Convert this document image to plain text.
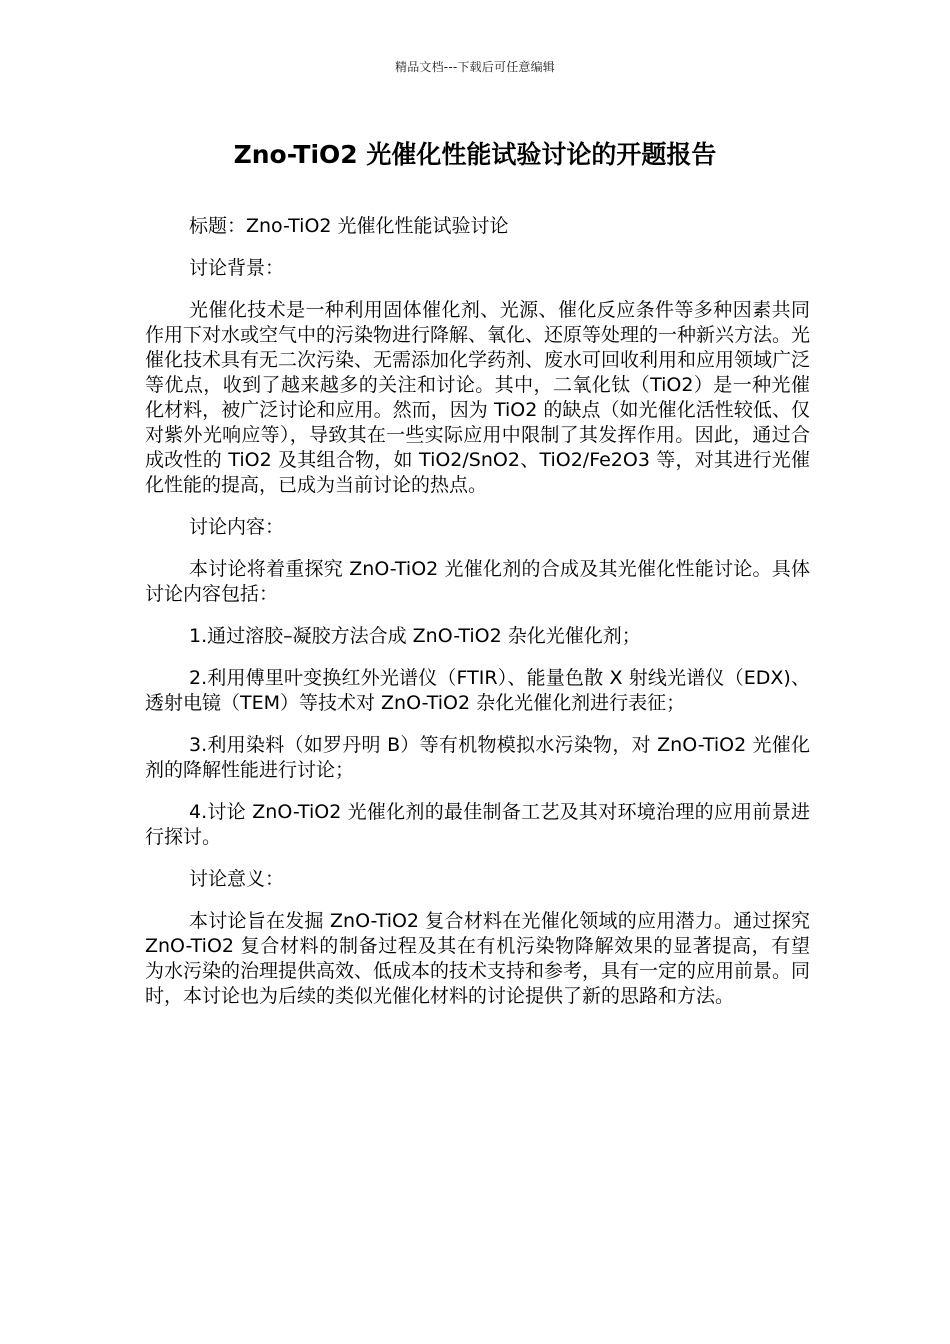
精品文档---下载后可任意编辑
Zno-TiO2 光催化性能试验讨论的开题报告

标题：Zno-TiO2 光催化性能试验讨论

讨论背景：

光催化技术是一种利用固体催化剂、光源、催化反应条件等多种因素共同作用下对水或空气中的污染物进行降解、氧化、还原等处理的一种新兴方法。光催化技术具有无二次污染、无需添加化学药剂、废水可回收利用和应用领域广泛等优点，收到了越来越多的关注和讨论。其中，二氧化钛（TiO2）是一种光催化材料，被广泛讨论和应用。然而，因为 TiO2 的缺点（如光催化活性较低、仅对紫外光响应等），导致其在一些实际应用中限制了其发挥作用。因此，通过合成改性的 TiO2 及其组合物，如 TiO2/SnO2、TiO2/Fe2O3 等，对其进行光催化性能的提高，已成为当前讨论的热点。

讨论内容：

本讨论将着重探究 ZnO-TiO2 光催化剂的合成及其光催化性能讨论。具体讨论内容包括：

1.通过溶胶–凝胶方法合成 ZnO-TiO2 杂化光催化剂；

2.利用傅里叶变换红外光谱仪（FTIR）、能量色散 X 射线光谱仪（EDX)、透射电镜（TEM）等技术对 ZnO-TiO2 杂化光催化剂进行表征；

3.利用染料（如罗丹明 B）等有机物模拟水污染物，对 ZnO-TiO2 光催化剂的降解性能进行讨论；

4.讨论 ZnO-TiO2 光催化剂的最佳制备工艺及其对环境治理的应用前景进行探讨。

讨论意义：

本讨论旨在发掘 ZnO-TiO2 复合材料在光催化领域的应用潜力。通过探究 ZnO-TiO2 复合材料的制备过程及其在有机污染物降解效果的显著提高，有望为水污染的治理提供高效、低成本的技术支持和参考，具有一定的应用前景。同时，本讨论也为后续的类似光催化材料的讨论提供了新的思路和方法。
